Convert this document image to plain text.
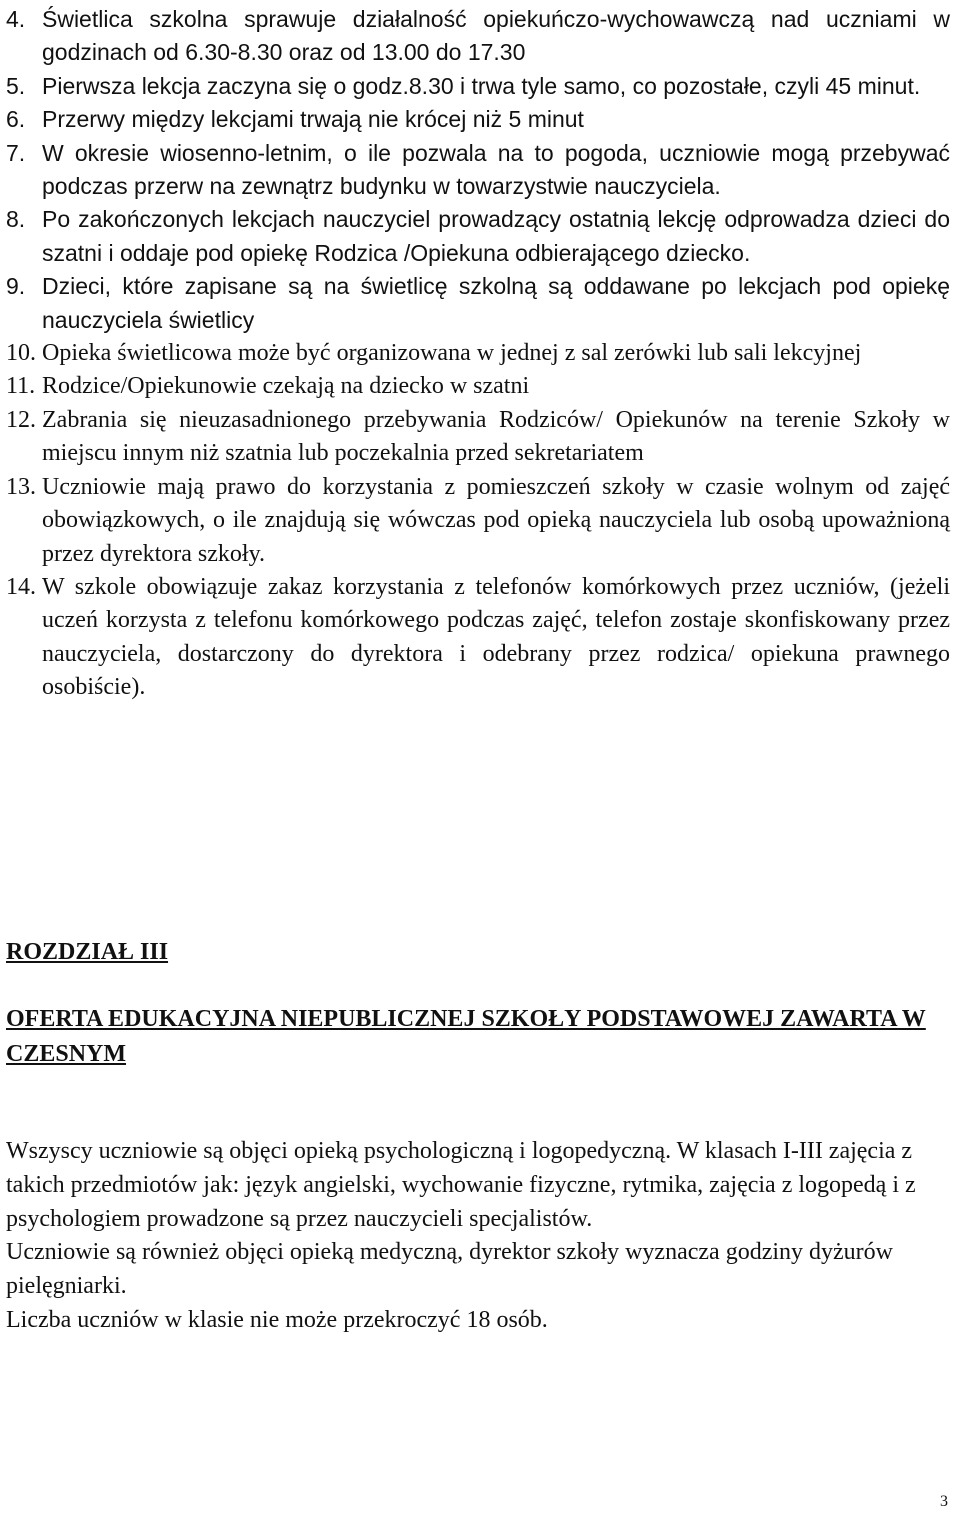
4. Świetlica szkolna sprawuje działalność opiekuńczo-wychowawczą nad uczniami w godzinach od 6.30-8.30 oraz od 13.00 do 17.30
5. Pierwsza lekcja zaczyna się o godz.8.30 i trwa tyle samo, co pozostałe, czyli 45 minut.
6. Przerwy między lekcjami trwają nie krócej niż 5 minut
7. W okresie wiosenno-letnim, o ile pozwala na to pogoda, uczniowie mogą przebywać podczas przerw na zewnątrz budynku w towarzystwie nauczyciela.
8. Po zakończonych lekcjach nauczyciel prowadzący ostatnią lekcję odprowadza dzieci do szatni i oddaje pod opiekę Rodzica /Opiekuna odbierającego dziecko.
9. Dzieci, które zapisane są na świetlicę szkolną są oddawane po lekcjach pod opiekę nauczyciela świetlicy
10. Opieka świetlicowa może być organizowana w jednej z sal zerówki lub sali lekcyjnej
11. Rodzice/Opiekunowie czekają na dziecko w szatni
12. Zabrania się nieuzasadnionego przebywania Rodziców/ Opiekunów na terenie Szkoły w miejscu innym niż szatnia lub poczekalnia przed sekretariatem
13. Uczniowie mają prawo do korzystania z pomieszczeń szkoły w czasie wolnym od zajęć obowiązkowych, o ile znajdują się wówczas pod opieką nauczyciela lub osobą upoważnioną przez dyrektora szkoły.
14. W szkole obowiązuje zakaz korzystania z telefonów komórkowych przez uczniów, (jeżeli uczeń korzysta z telefonu komórkowego podczas zajęć, telefon zostaje skonfiskowany przez nauczyciela, dostarczony do dyrektora i odebrany przez rodzica/ opiekuna prawnego osobiście).
ROZDZIAŁ III
OFERTA EDUKACYJNA NIEPUBLICZNEJ SZKOŁY PODSTAWOWEJ ZAWARTA W CZESNYM

Wszyscy uczniowie są objęci opieką psychologiczną i logopedyczną. W klasach I-III zajęcia z takich przedmiotów jak: język angielski, wychowanie fizyczne, rytmika, zajęcia z logopedą i z psychologiem prowadzone są przez nauczycieli specjalistów.

Uczniowie są również objęci opieką medyczną, dyrektor szkoły wyznacza godziny dyżurów pielęgniarki.

Liczba uczniów w klasie nie może przekroczyć 18 osób.

3
